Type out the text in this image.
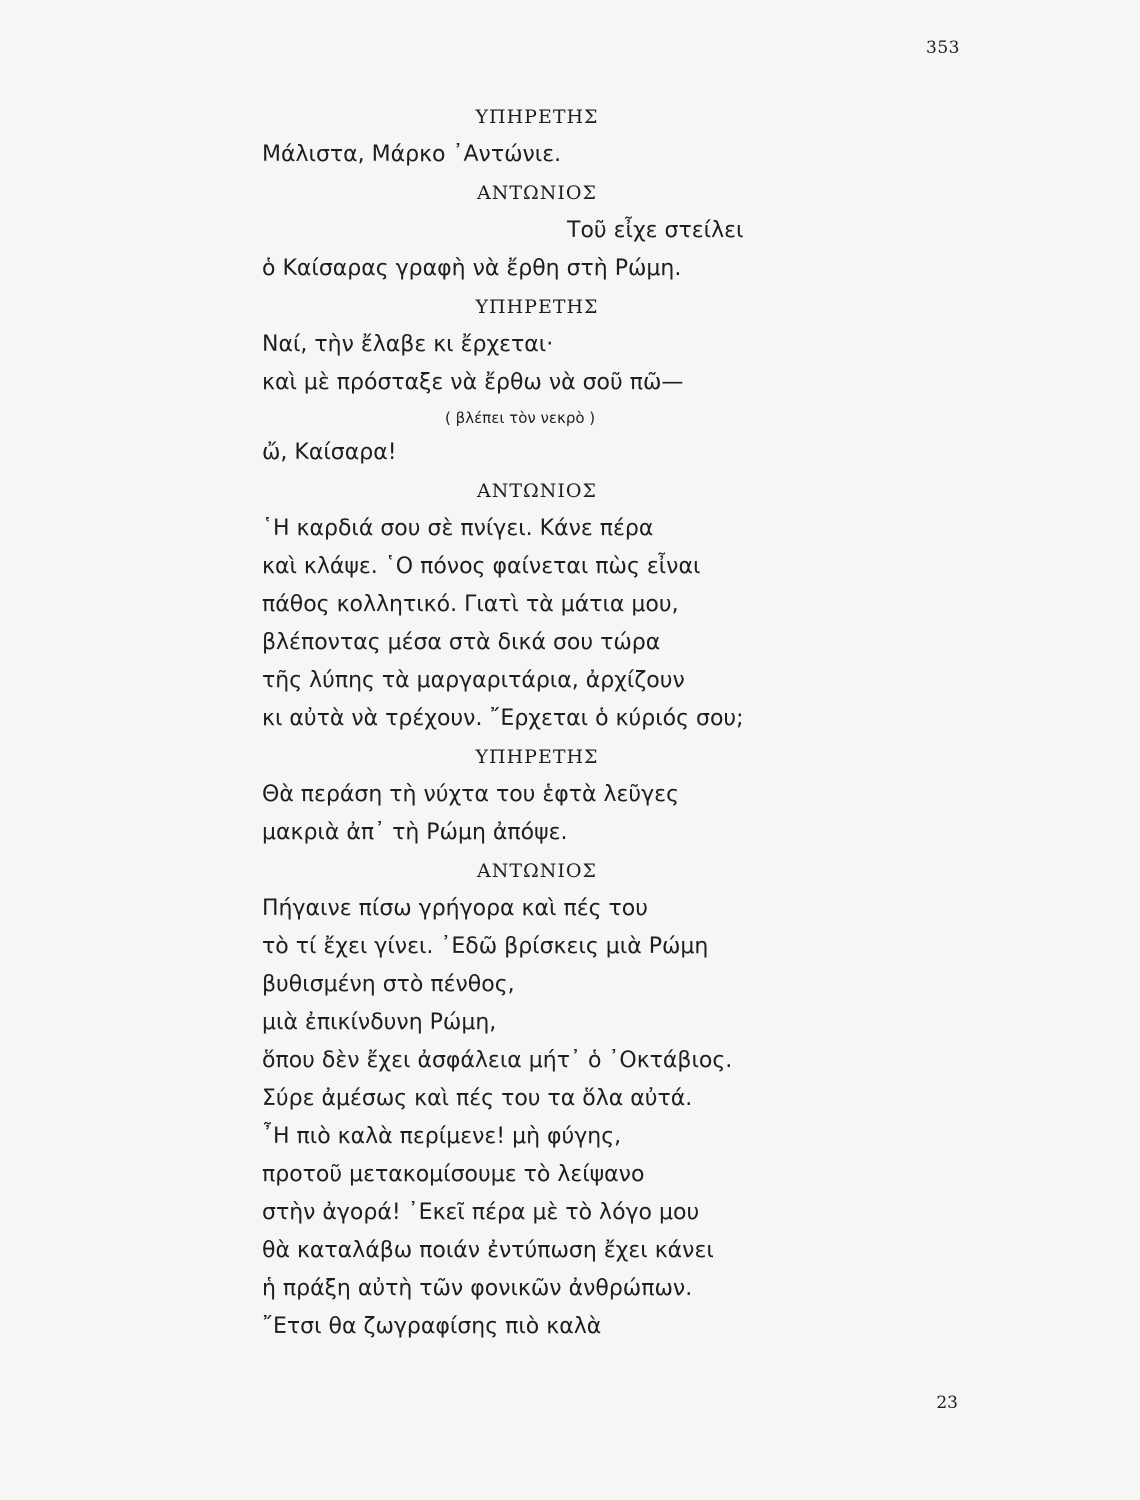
353
ΥΠΗΡΕΤΗΣ
Μάλιστα, Μάρκο ᾿Αντώνιε.
ΑΝΤΩΝΙΟΣ
Τοῦ εἶχε στείλει
ὁ Καίσαρας γραφὴ νὰ ἔρθη στὴ Ρώμη.
ΥΠΗΡΕΤΗΣ
Ναί, τὴν ἔλαβε κι ἔρχεται·
καὶ μὲ πρόσταξε νὰ ἔρθω νὰ σοῦ πῶ—
( βλέπει τὸν νεκρὸ )
ὤ, Καίσαρα!
ΑΝΤΩΝΙΟΣ
῾Η καρδιά σου σὲ πνίγει. Κάνε πέρα
καὶ κλάψε. ῾Ο πόνος φαίνεται πὼς εἶναι
πάθος κολλητικό. Γιατὶ τὰ μάτια μου,
βλέποντας μέσα στὰ δικά σου τώρα
τῆς λύπης τὰ μαργαριτάρια, ἀρχίζουν
κι αὐτὰ νὰ τρέχουν. ῎Ερχεται ὁ κύριός σου;
ΥΠΗΡΕΤΗΣ
Θὰ περάση τὴ νύχτα του ἑφτὰ λεῦγες
μακριὰ ἀπ᾿ τὴ Ρώμη ἀπόψε.
ΑΝΤΩΝΙΟΣ
Πήγαινε πίσω γρήγορα καὶ πές του
τὸ τί ἔχει γίνει. ᾿Εδῶ βρίσκεις μιὰ Ρώμη
βυθισμένη στὸ πένθος,
μιὰ ἐπικίνδυνη Ρώμη,
ὅπου δὲν ἔχει ἀσφάλεια μήτ᾿ ὁ ᾿Οκτάβιος.
Σύρε ἀμέσως καὶ πές του τα ὅλα αὐτά.
῏Η πιὸ καλὰ περίμενε! μὴ φύγης,
προτοῦ μετακομίσουμε τὸ λείψανο
στὴν ἀγορά! ᾿Εκεῖ πέρα μὲ τὸ λόγο μου
θὰ καταλάβω ποιάν ἐντύπωση ἔχει κάνει
ἡ πράξη αὐτὴ τῶν φονικῶν ἀνθρώπων.
῎Ετσι θα ζωγραφίσης πιὸ καλὰ
23
